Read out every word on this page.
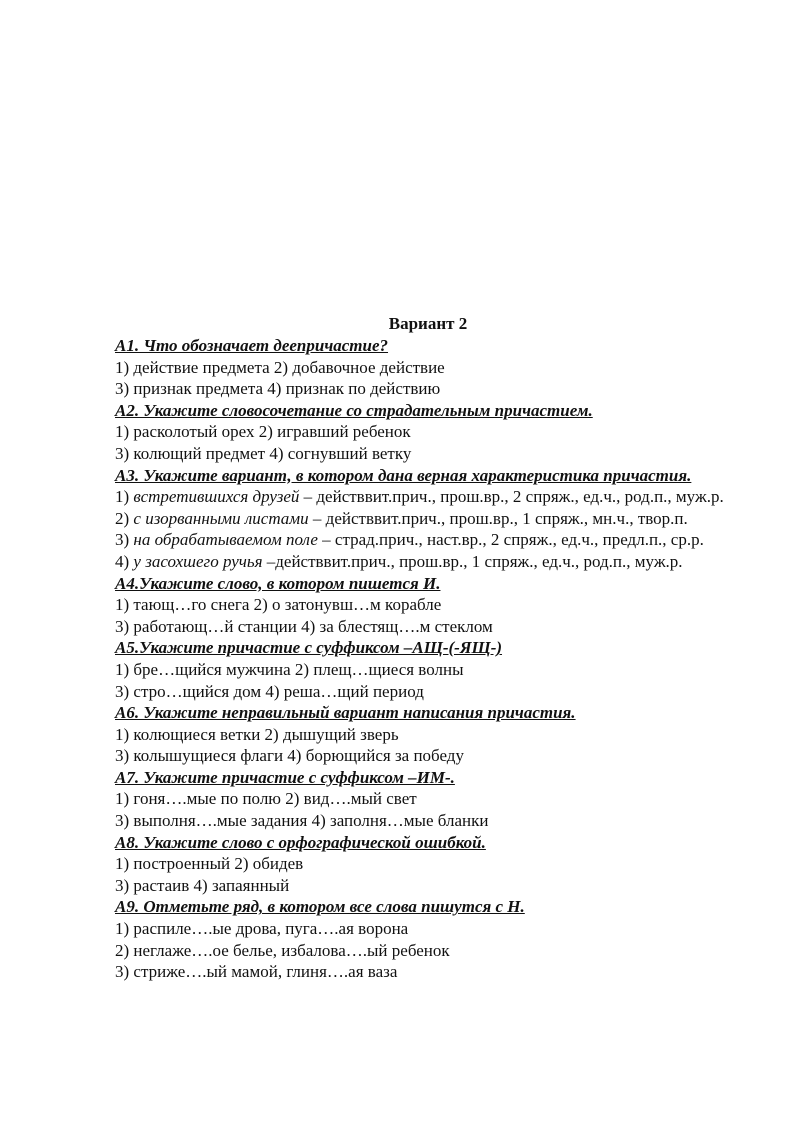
Вариант 2
А1. Что обозначает деепричастие?
1) действие предмета 2) добавочное действие
3) признак предмета 4) признак по действию
А2. Укажите словосочетание со страдательным причастием.
1) расколотый орех 2) игравший ребенок
3) колющий предмет 4) согнувший ветку
А3. Укажите вариант, в котором дана верная характеристика причастия.
1) встретившихся друзей – действвит.прич., прош.вр., 2 спряж., ед.ч., род.п., муж.р.
2) с изорванными листами – действвит.прич., прош.вр., 1 спряж., мн.ч., твор.п.
3) на обрабатываемом поле – страд.прич., наст.вр., 2 спряж., ед.ч., предл.п., ср.р.
4) у засохшего ручья –действвит.прич., прош.вр., 1 спряж., ед.ч., род.п., муж.р.
А4.Укажите слово, в котором пишется И.
1) тающ…го снега 2) о затонувш…м корабле
3) работающ…й станции 4) за блестящ….м стеклом
А5.Укажите причастие с суффиксом –АЩ-(-ЯЩ-)
1) бре…щийся мужчина 2) плещ…щиеся волны
3) стро…щийся дом 4) реша…щий период
А6. Укажите неправильный вариант написания причастия.
1) колющиеся ветки 2) дышущий зверь
3) колышущиеся флаги 4) борющийся за победу
А7. Укажите причастие с суффиксом –ИМ-.
1) гоня….мые по полю 2) вид….мый свет
3) выполня….мые задания 4) заполня…мые бланки
А8. Укажите слово с орфографической ошибкой.
1) построенный 2) обидев
3) растаив 4) запаянный
А9. Отметьте ряд, в котором все слова пишутся с Н.
1) распиле….ые дрова, пуга….ая ворона
2) неглаже….ое белье, избалова….ый ребенок
3) стриже….ый мамой, глиня….ая ваза
